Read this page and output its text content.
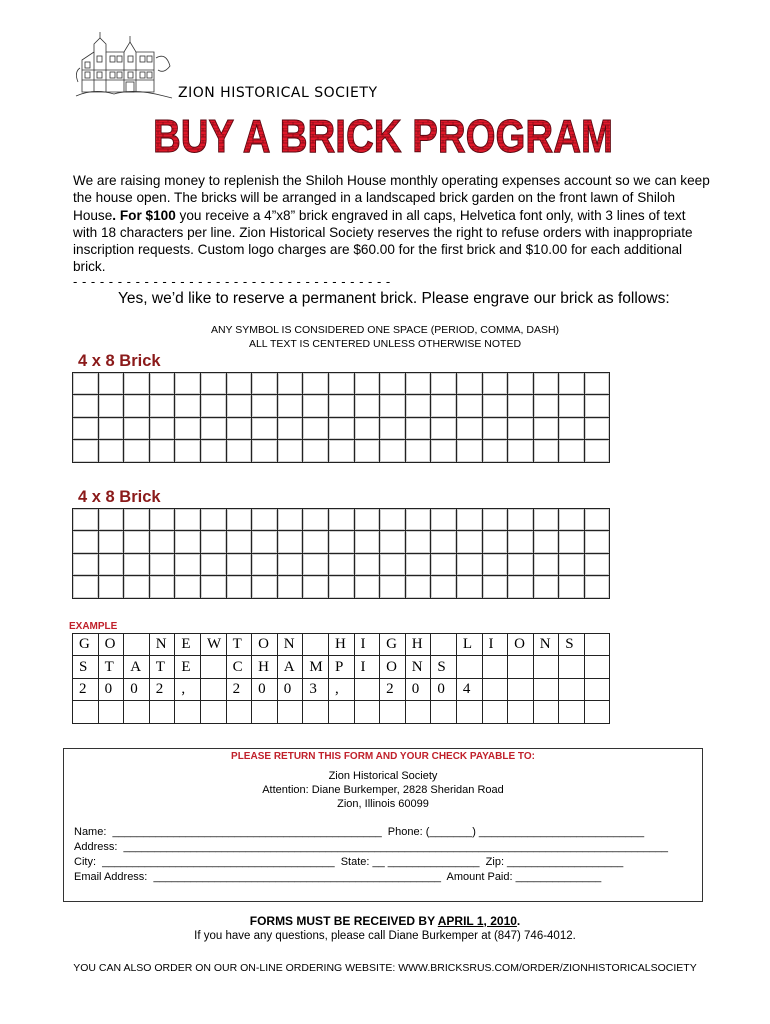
ZION HISTORICAL SOCIETY
BUY A BRICK PROGRAM

We are raising money to replenish the Shiloh House monthly operating expenses account so we can keep the house open. The bricks will be arranged in a landscaped brick garden on the front lawn of Shiloh House. For $100 you receive a 4”x8” brick engraved in all caps, Helvetica font only, with 3 lines of text with 18 characters per line. Zion Historical Society reserves the right to refuse orders with inappropriate inscription requests. Custom logo charges are $60.00 for the first brick and $10.00 for each additional brick.

- - - - - - - - - - - - - - - - - - - - - - - - - - - - - - - - - - - -
Yes, we’d like to reserve a permanent brick. Please engrave our brick as follows:
ANY SYMBOL IS CONSIDERED ONE SPACE (PERIOD, COMMA, DASH)
ALL TEXT IS CENTERED UNLESS OTHERWISE NOTED
4 x 8 Brick

4 x 8 Brick

EXAMPLE
G	O		N	E	W	T	O	N		H	I	G	H		L	I	O	N	S	
S	T	A	T	E		C	H	A	M	P	I	O	N	S						
2	0	0	2	,		2	0	0	3	,		2	0	0	4					

PLEASE RETURN THIS FORM AND YOUR CHECK PAYABLE TO:
Zion Historical Society
Attention: Diane Burkemper, 2828 Sheridan Road
Zion, Illinois 60099
Name:  ____________________________________________  Phone: (_______) ___________________________
Address:  _________________________________________________________________________________________
City:  ______________________________________  State: __ _______________  Zip: ___________________
Email Address:  _______________________________________________  Amount Paid: ______________
FORMS MUST BE RECEIVED BY APRIL 1, 2010.
If you have any questions, please call Diane Burkemper at (847) 746-4012.
YOU CAN ALSO ORDER ON OUR ON-LINE ORDERING WEBSITE: WWW.BRICKSRUS.COM/ORDER/ZIONHISTORICALSOCIETY
